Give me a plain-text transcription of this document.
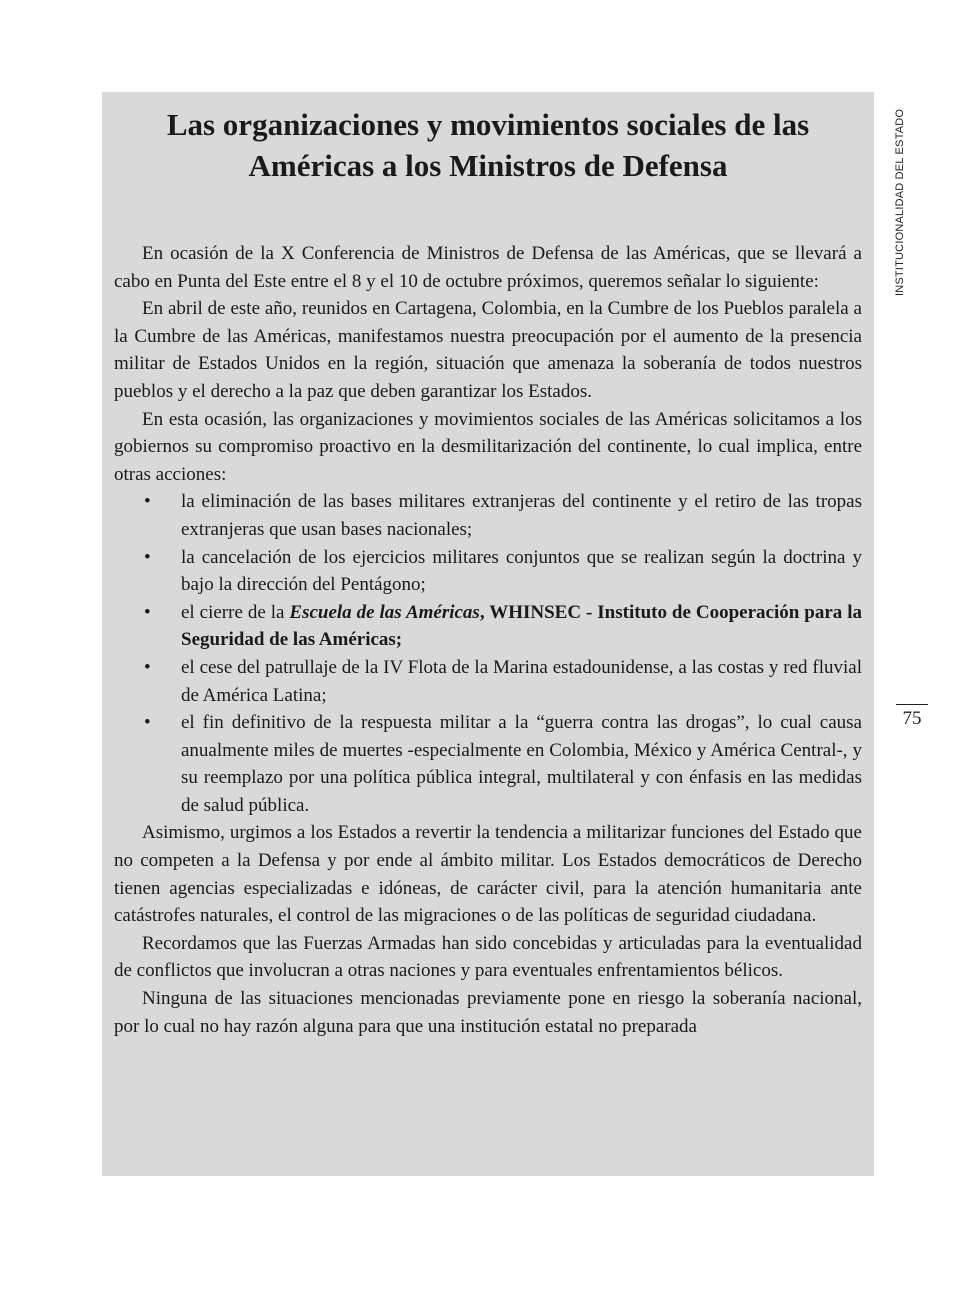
Las organizaciones y movimientos sociales de las
Américas a los Ministros de Defensa

En ocasión de la X Conferencia de Ministros de Defensa de las Américas, que se llevará a cabo en Punta del Este entre el 8 y el 10 de octubre próximos, queremos señalar lo siguiente:

En abril de este año, reunidos en Cartagena, Colombia, en la Cumbre de los Pueblos paralela a la Cumbre de las Américas, manifestamos nuestra preocupación por el aumento de la presencia militar de Estados Unidos en la región, situación que amenaza la soberanía de todos nuestros pueblos y el derecho a la paz que deben garantizar los Estados.

En esta ocasión, las organizaciones y movimientos sociales de las Américas solicitamos a los gobiernos su compromiso proactivo en la desmilitarización del continente, lo cual implica, entre otras acciones:

• la eliminación de las bases militares extranjeras del continente y el retiro de las tropas extranjeras que usan bases nacionales;
• la cancelación de los ejercicios militares conjuntos que se realizan según la doctrina y bajo la dirección del Pentágono;
• el cierre de la Escuela de las Américas, WHINSEC - Instituto de Cooperación para la Seguridad de las Américas;
• el cese del patrullaje de la IV Flota de la Marina estadounidense, a las costas y red fluvial de América Latina;
• el fin definitivo de la respuesta militar a la “guerra contra las drogas”, lo cual causa anualmente miles de muertes -especialmente en Colombia, México y América Central-, y su reemplazo por una política pública integral, multilateral y con énfasis en las medidas de salud pública.

Asimismo, urgimos a los Estados a revertir la tendencia a militarizar funciones del Estado que no competen a la Defensa y por ende al ámbito militar. Los Estados democráticos de Derecho tienen agencias especializadas e idóneas, de carácter civil, para la atención humanitaria ante catástrofes naturales, el control de las migraciones o de las políticas de seguridad ciudadana.

Recordamos que las Fuerzas Armadas han sido concebidas y articuladas para la eventualidad de conflictos que involucran a otras naciones y para eventuales enfrentamientos bélicos.

Ninguna de las situaciones mencionadas previamente pone en riesgo la soberanía nacional, por lo cual no hay razón alguna para que una institución estatal no preparada

INSTITUCIONALIDAD DEL ESTADO
75
